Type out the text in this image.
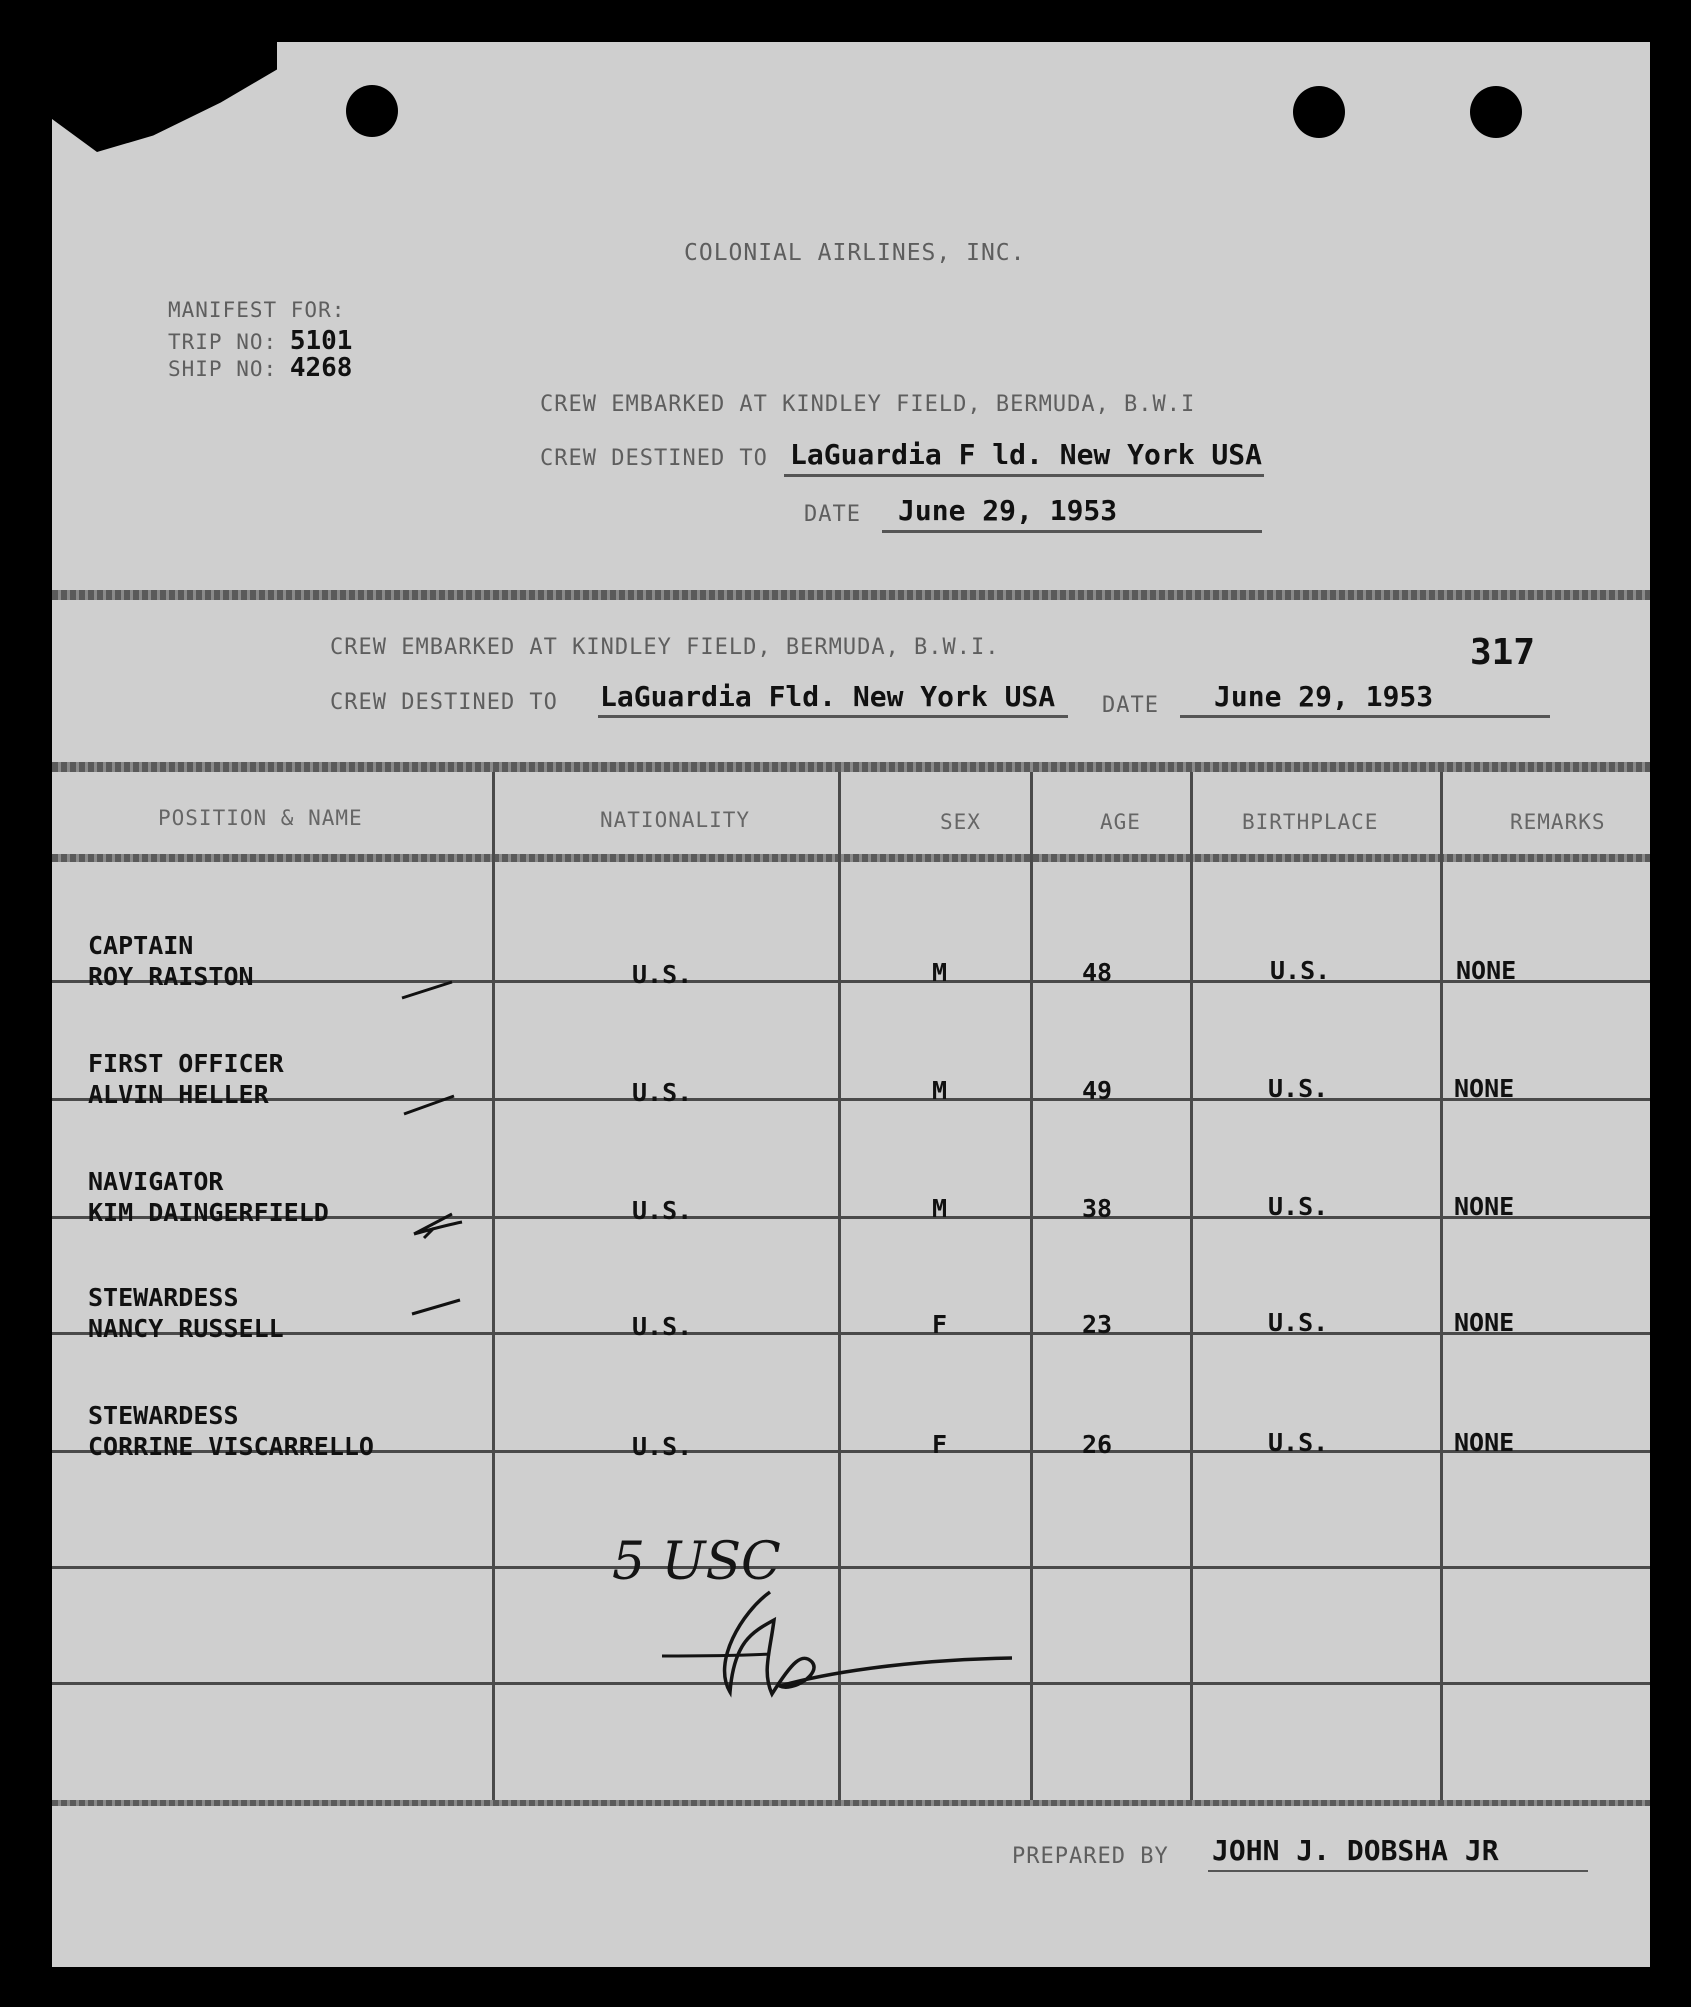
COLONIAL AIRLINES, INC.
MANIFEST FOR:
TRIP NO: 5101
SHIP NO: 4268
CREW EMBARKED AT KINDLEY FIELD, BERMUDA, B.W.I
CREW DESTINED TO LaGuardia F ld. New York USA
DATE June 29, 1953
CREW EMBARKED AT KINDLEY FIELD, BERMUDA, B.W.I.	317
CREW DESTINED TO LaGuardia Fld. New York USA DATE June 29, 1953
POSITION & NAME	NATIONALITY	SEX	AGE	BIRTHPLACE	REMARKS
CAPTAIN
ROY RAISTON	U.S.	M	48	U.S.	NONE
FIRST OFFICER
ALVIN HELLER	U.S.	M	49	U.S.	NONE
NAVIGATOR
KIM DAINGERFIELD	U.S.	M	38	U.S.	NONE
STEWARDESS
NANCY RUSSELL	U.S.	F	23	U.S.	NONE
STEWARDESS
CORRINE VISCARRELLO	U.S.	F	26	U.S.	NONE
5 USC
PREPARED BY JOHN J. DOBSHA JR
